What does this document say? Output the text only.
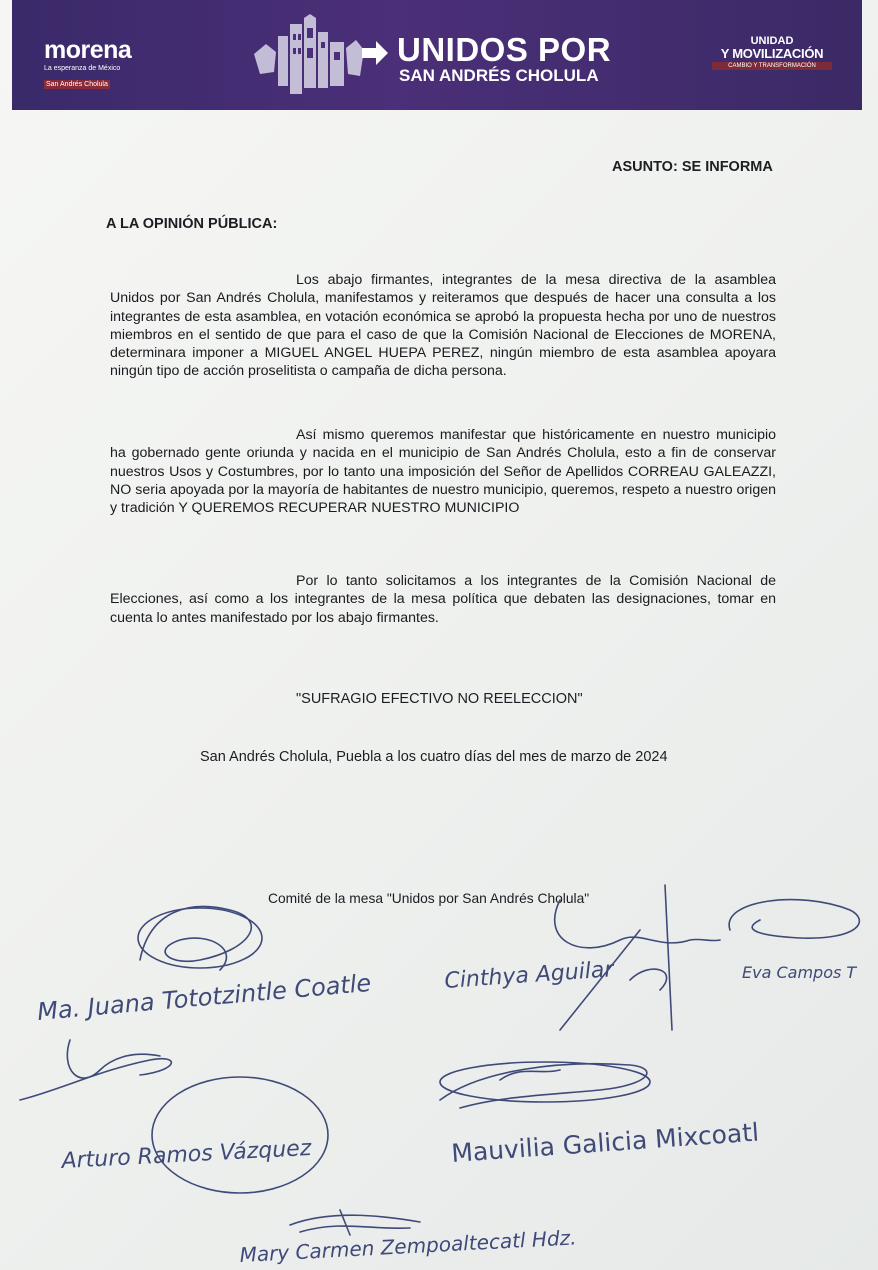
morena
La esperanza de México
San Andrés Cholula
UNIDOS POR
SAN ANDRÉS CHOLULA
UNIDAD
Y MOVILIZACIÓN
CAMBIO Y TRANSFORMACIÓN
ASUNTO: SE INFORMA
A LA OPINIÓN PÚBLICA:
Los abajo firmantes, integrantes de la mesa directiva de la asamblea Unidos por San Andrés Cholula, manifestamos y reiteramos que después de hacer una consulta a los integrantes de esta asamblea, en votación económica se aprobó la propuesta hecha por uno de nuestros miembros en el sentido de que para el caso de que la Comisión Nacional de Elecciones de MORENA, determinara imponer a MIGUEL ANGEL HUEPA PEREZ, ningún miembro de esta asamblea apoyara ningún tipo de acción proselitista o campaña de dicha persona.
Así mismo queremos manifestar que históricamente en nuestro municipio ha gobernado gente oriunda y nacida en el municipio de San Andrés Cholula, esto a fin de conservar nuestros Usos y Costumbres, por lo tanto una imposición del Señor de Apellidos CORREAU GALEAZZI, NO seria apoyada por la mayoría de habitantes de nuestro municipio, queremos, respeto a nuestro origen y tradición Y QUEREMOS RECUPERAR NUESTRO MUNICIPIO
Por lo tanto solicitamos a los integrantes de la Comisión Nacional de Elecciones, así como a los integrantes de la mesa política que debaten las designaciones, tomar en cuenta lo antes manifestado por los abajo firmantes.
"SUFRAGIO EFECTIVO NO REELECCION"
San Andrés Cholula, Puebla a los cuatro días del mes de marzo de 2024
Comité de la mesa "Unidos por San Andrés Cholula"
Ma. Juana Tototzintle Coatle	Cinthya Aguilar	Eva Campos T
Arturo Ramos Vázquez	Mauvilia Galicia Mixcoatl
Mary Carmen Zempoaltecatl Hdz.
